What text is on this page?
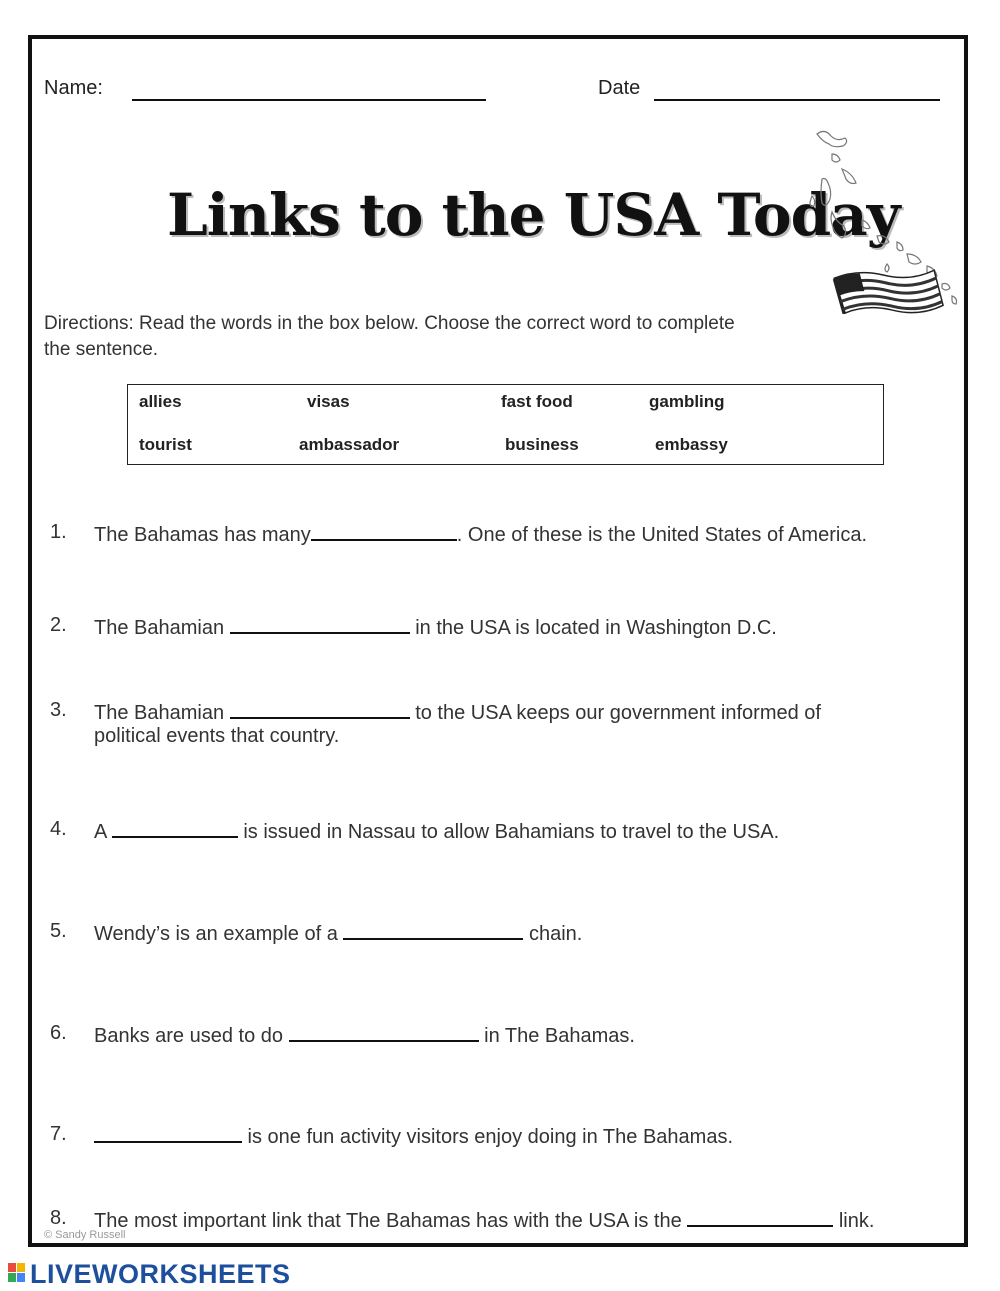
Name:	Date
Links to the USA Today
Directions: Read the words in the box below. Choose the correct word to complete
the sentence.
allies	visas	fast food	gambling
tourist	ambassador	business	embassy
1. The Bahamas has many	. One of these is the United States of America.
2. The Bahamian	in the USA is located in Washington D.C.
3. The Bahamian	to the USA keeps our government informed of
political events that country.
4. A	is issued in Nassau to allow Bahamians to travel to the USA.
5. Wendy’s is an example of a	chain.
6. Banks are used to do	in The Bahamas.
7.	is one fun activity visitors enjoy doing in The Bahamas.
8. The most important link that The Bahamas has with the USA is the	link.
© Sandy Russell
LIVEWORKSHEETS
